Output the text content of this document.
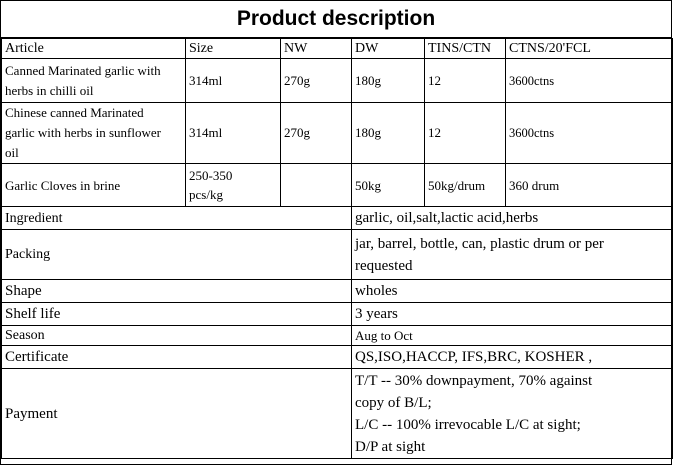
Product description
Article	Size	NW	DW	TINS/CTN	CTNS/20'FCL

Canned Marinated garlic with
herbs in chilli oil	314ml	270g	180g	12	3600ctns

Chinese canned Marinated
garlic with herbs in sunflower
oil	314ml	270g	180g	12	3600ctns
Garlic Cloves in brine	250-350
pcs/kg		50kg	50kg/drum	360 drum
Ingredient			garlic, oil,salt,lactic acid,herbs		
Packing			jar, barrel, bottle, can, plastic drum or per
requested		

Shape			wholes		
Shelf life			3 years		
Season			Aug to Oct		
Certificate			QS,ISO,HACCP, IFS,BRC, KOSHER ,		
Payment			T/T -- 30% downpayment, 70% against
copy of B/L;
L/C -- 100% irrevocable L/C at sight;
D/P at sight		
